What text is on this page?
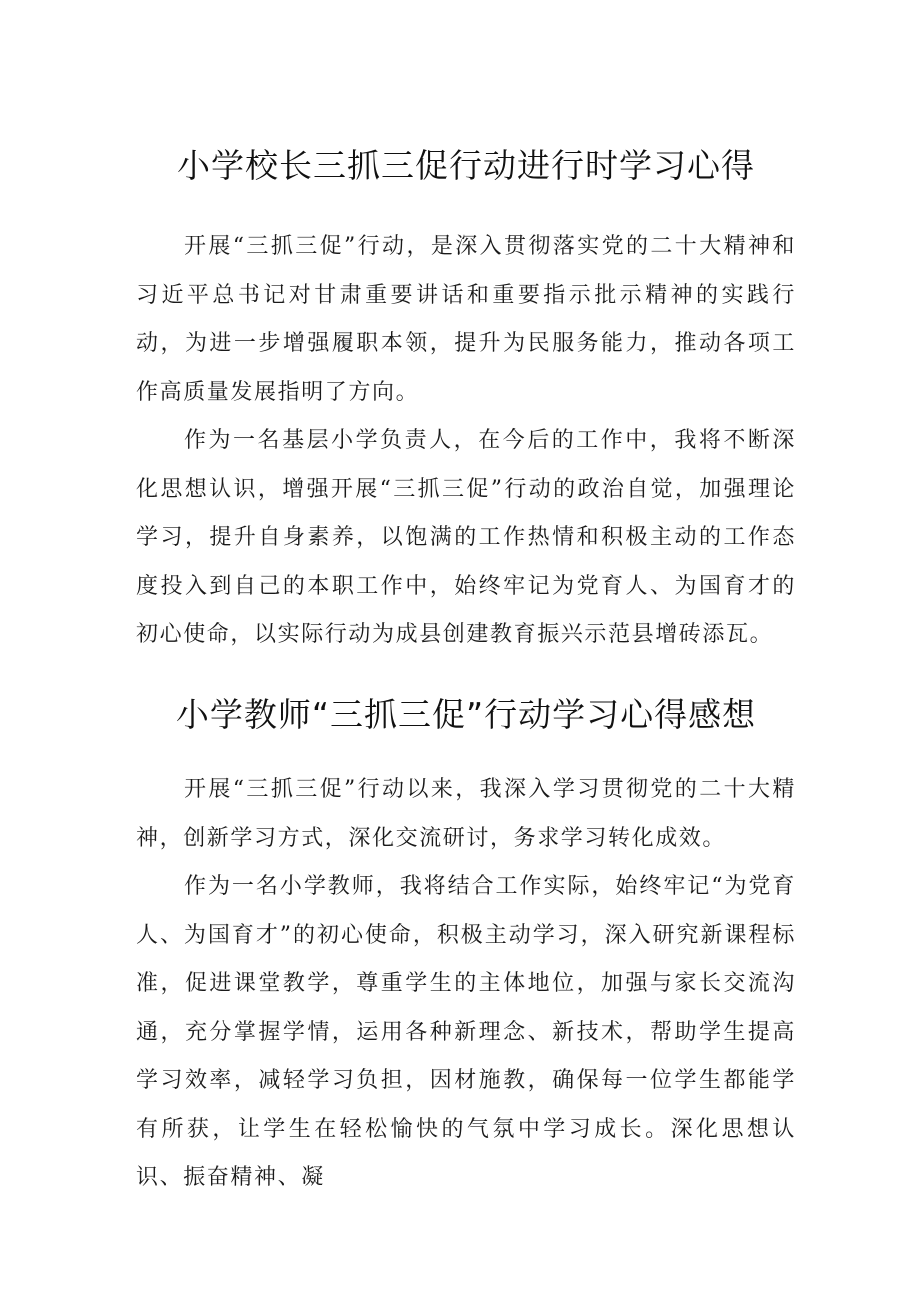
小学校长三抓三促行动进行时学习心得

开展“三抓三促”行动，是深入贯彻落实党的二十大精神和习近平总书记对甘肃重要讲话和重要指示批示精神的实践行动，为进一步增强履职本领，提升为民服务能力，推动各项工作高质量发展指明了方向。

作为一名基层小学负责人，在今后的工作中，我将不断深化思想认识，增强开展“三抓三促”行动的政治自觉，加强理论学习，提升自身素养，以饱满的工作热情和积极主动的工作态度投入到自己的本职工作中，始终牢记为党育人、为国育才的初心使命，以实际行动为成县创建教育振兴示范县增砖添瓦。

小学教师“三抓三促”行动学习心得感想

开展“三抓三促”行动以来，我深入学习贯彻党的二十大精神，创新学习方式，深化交流研讨，务求学习转化成效。

作为一名小学教师，我将结合工作实际，始终牢记“为党育人、为国育才”的初心使命，积极主动学习，深入研究新课程标准，促进课堂教学，尊重学生的主体地位，加强与家长交流沟通，充分掌握学情，运用各种新理念、新技术，帮助学生提高学习效率，减轻学习负担，因材施教，确保每一位学生都能学有所获，让学生在轻松愉快的气氛中学习成长。深化思想认识、振奋精神、凝
